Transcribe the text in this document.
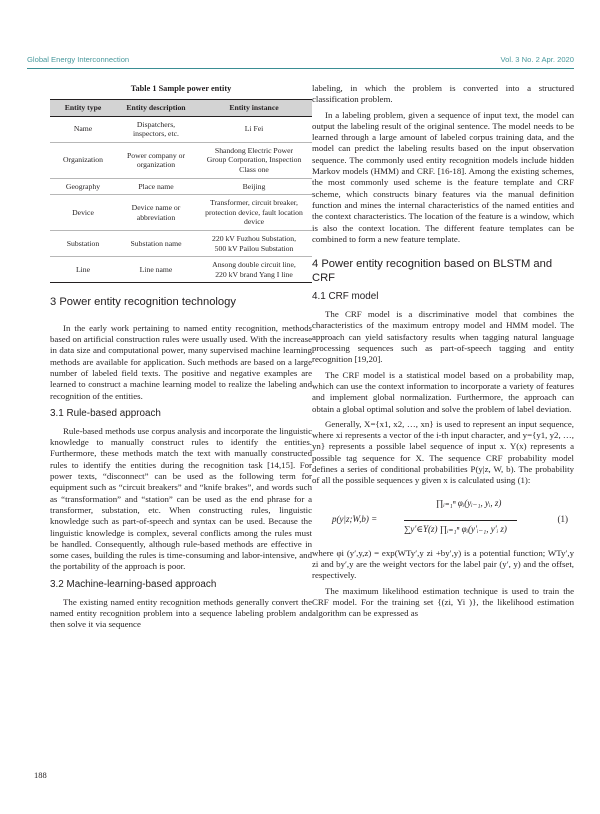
Global Energy Interconnection	Vol. 3 No. 2 Apr. 2020
Table 1 Sample power entity
Entity type	Entity description	Entity instance
Name	Dispatchers, inspectors, etc.	Li Fei
Organization	Power company or organization	Shandong Electric Power Group Corporation, Inspection Class one
Geography	Place name	Beijing
Device	Device name or abbreviation	Transformer, circuit breaker, protection device, fault location device
Substation	Substation name	220 kV Fuzhou Substation, 500 kV Pailou Substation
Line	Line name	Ansong double circuit line, 220 kV brand Yang I line
3 Power entity recognition technology

In the early work pertaining to named entity recognition, methods based on artificial construction rules were usually used. With the increase in data size and computational power, many supervised machine learning methods are available for application. Such methods are based on a large number of labeled field texts. The positive and negative examples are learned to construct a machine learning model to realize the labeling and recognition of the entities.

3.1 Rule-based approach

Rule-based methods use corpus analysis and incorporate the linguistic knowledge to manually construct rules to identify the entities. Furthermore, these methods match the text with manually constructed rules to identify the entities during the recognition task [14,15]. For power texts, “disconnect” can be used as the following term for equipment such as “circuit breakers” and “knife brakes”, and words such as “transformation” and “station” can be used as the end phrase for a transformer, substation, etc. When constructing rules, linguistic knowledge such as part-of-speech and syntax can be used. Because the linguistic knowledge is complex, several conflicts among the rules must be handled. Consequently, although rule-based methods are effective in some cases, building the rules is time-consuming and labor-intensive, and the portability of the approach is poor.

3.2 Machine-learning-based approach

The existing named entity recognition methods generally convert the named entity recognition problem into a sequence labeling problem and then solve it via sequence

labeling, in which the problem is converted into a structured classification problem.

In a labeling problem, given a sequence of input text, the model can output the labeling result of the original sentence. The model needs to be learned through a large amount of labeled corpus training data, and the model can predict the labeling results based on the input observation sequence. The commonly used entity recognition models include hidden Markov models (HMM) and CRF. [16-18]. Among the existing schemes, the most commonly used scheme is the feature template and CRF scheme, which constructs binary features via the manual definition function and mines the internal characteristics of the named entities and the context characteristics. The location of the feature is a window, which is also the context location. The different feature templates can be combined to form a new feature template.

4 Power entity recognition based on BLSTM and CRF
4.1 CRF model

The CRF model is a discriminative model that combines the characteristics of the maximum entropy model and HMM model. The approach can yield satisfactory results when tagging natural language processing sequences such as part-of-speech tagging and entity recognition [19,20].

The CRF model is a statistical model based on a probability map, which can use the context information to incorporate a variety of features and implement global normalization. Furthermore, the approach can obtain a global optimal solution and solve the problem of label deviation.

Generally, X={x1, x2, …, xn} is used to represent an input sequence, where xi represents a vector of the i-th input character, and y={y1, y2, …, yn} represents a possible label sequence of input x. Y(x) represents a possible tag sequence for X. The sequence CRF probability model defines a series of conditional probabilities P(y|z, W, b). The probability of all the possible sequences y given x is calculated using (1):

p(y|z;W,b) =
∏ᵢ₌₁ⁿ φᵢ(yᵢ₋₁, yᵢ, z)
∑y′∈Y(z) ∏ᵢ₌₁ⁿ φᵢ(y′ᵢ₋₁, y′ᵢ z)
(1)

where φi (y′,y,z) = exp(WTy′,y zi +by′,y) is a potential function; WTy′,y zi and by′,y are the weight vectors for the label pair (y′, y) and the offset, respectively.

The maximum likelihood estimation technique is used to train the CRF model. For the training set {(zi, Yi )}, the likelihood estimation algorithm can be expressed as

188
